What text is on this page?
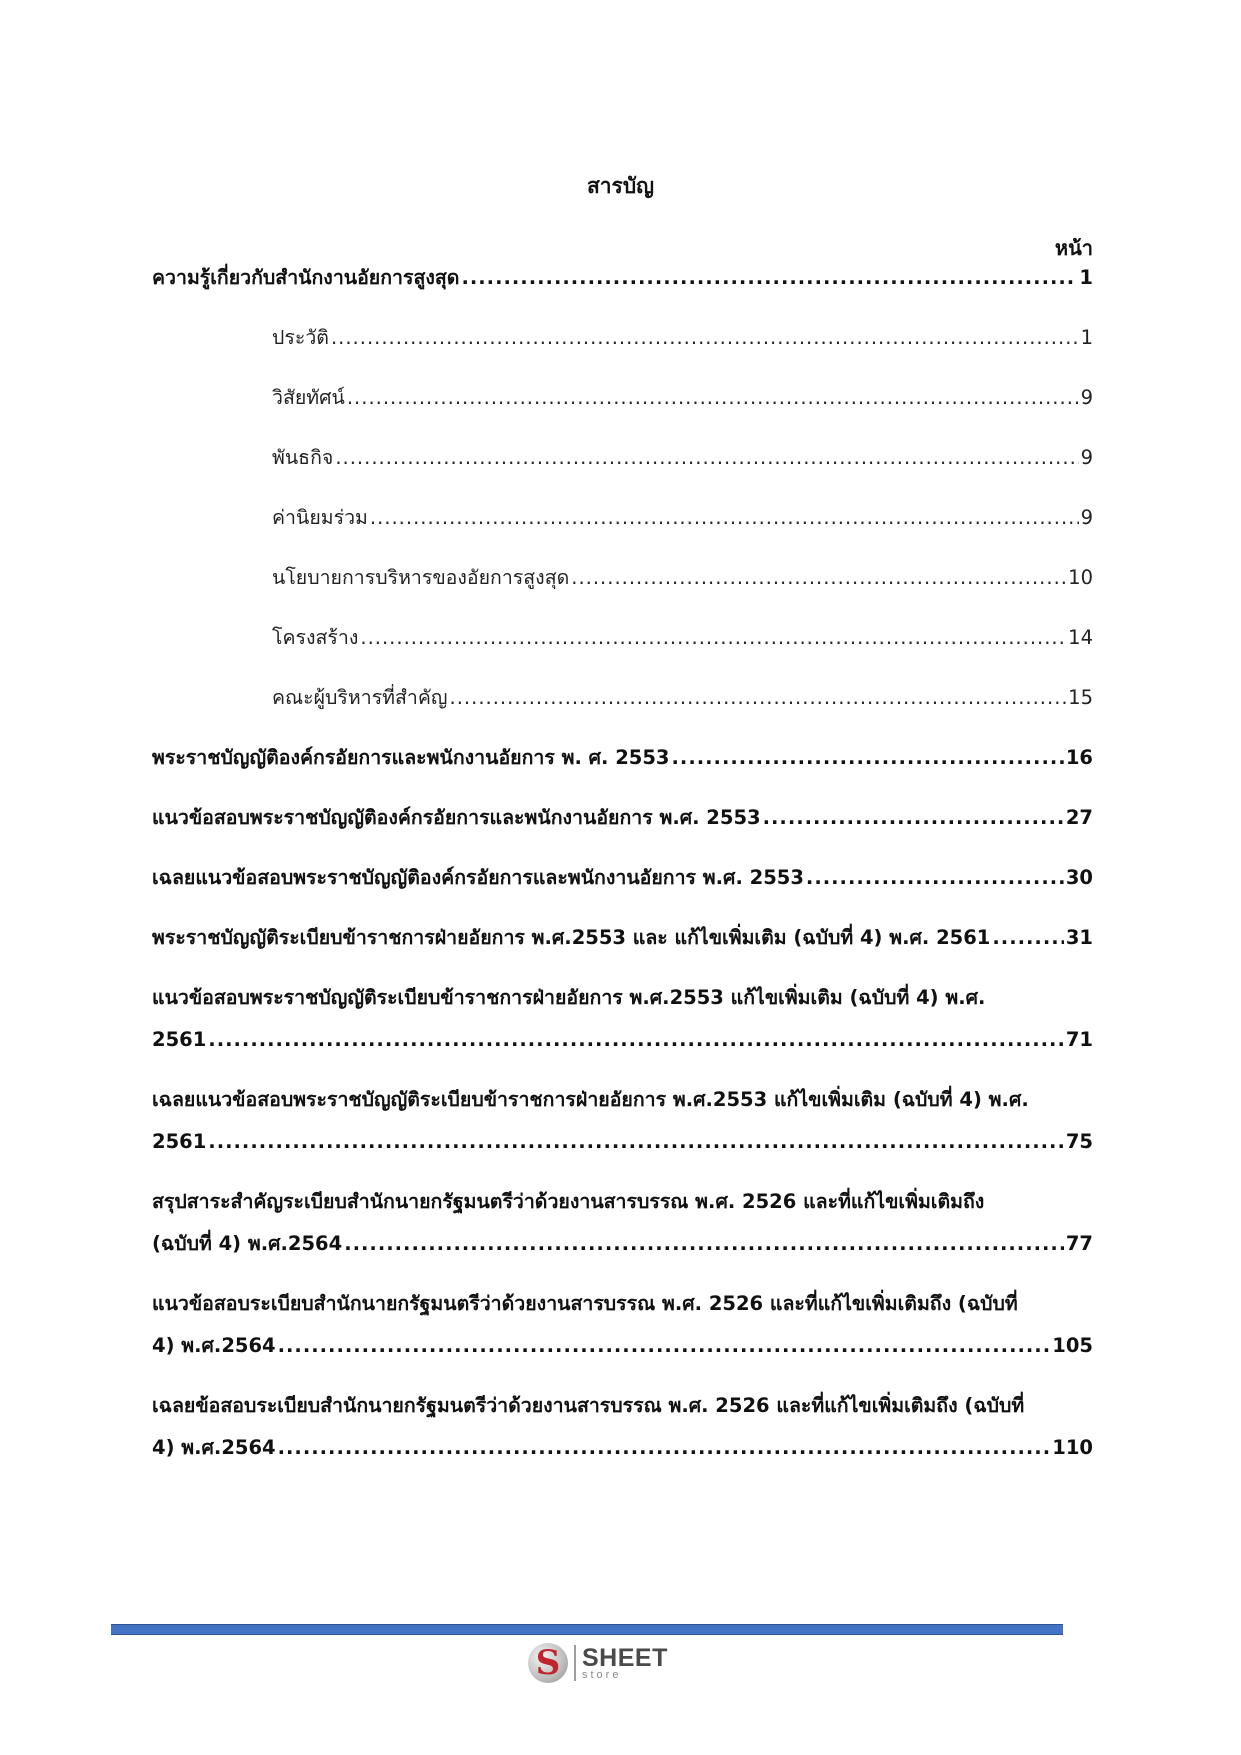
สารบัญ
หน้า
ความรู้เกี่ยวกับสำนักงานอัยการสูงสุด .....	1
ประวัติ .....	1
วิสัยทัศน์ .....	9
พันธกิจ .....	9
ค่านิยมร่วม .....	9
นโยบายการบริหารของอัยการสูงสุด .....	10
โครงสร้าง .....	14
คณะผู้บริหารที่สำคัญ .....	15
พระราชบัญญัติองค์กรอัยการและพนักงานอัยการ พ. ศ. 2553 .....	16
แนวข้อสอบพระราชบัญญัติองค์กรอัยการและพนักงานอัยการ พ.ศ. 2553 .....	27
เฉลยแนวข้อสอบพระราชบัญญัติองค์กรอัยการและพนักงานอัยการ พ.ศ. 2553 .....	30
พระราชบัญญัติระเบียบข้าราชการฝ่ายอัยการ พ.ศ.2553 และ แก้ไขเพิ่มเติม (ฉบับที่ 4) พ.ศ. 2561 .....	31
แนวข้อสอบพระราชบัญญัติระเบียบข้าราชการฝ่ายอัยการ พ.ศ.2553 แก้ไขเพิ่มเติม (ฉบับที่ 4) พ.ศ.
2561 .....	71
เฉลยแนวข้อสอบพระราชบัญญัติระเบียบข้าราชการฝ่ายอัยการ พ.ศ.2553 แก้ไขเพิ่มเติม (ฉบับที่ 4) พ.ศ.
2561 .....	75
สรุปสาระสำคัญระเบียบสำนักนายกรัฐมนตรีว่าด้วยงานสารบรรณ พ.ศ. 2526 และที่แก้ไขเพิ่มเติมถึง
(ฉบับที่ 4) พ.ศ.2564 .....	77
แนวข้อสอบระเบียบสำนักนายกรัฐมนตรีว่าด้วยงานสารบรรณ พ.ศ. 2526 และที่แก้ไขเพิ่มเติมถึง (ฉบับที่
4) พ.ศ.2564 .....	105
เฉลยข้อสอบระเบียบสำนักนายกรัฐมนตรีว่าด้วยงานสารบรรณ พ.ศ. 2526 และที่แก้ไขเพิ่มเติมถึง (ฉบับที่
4) พ.ศ.2564 .....	110
S SHEET
store
